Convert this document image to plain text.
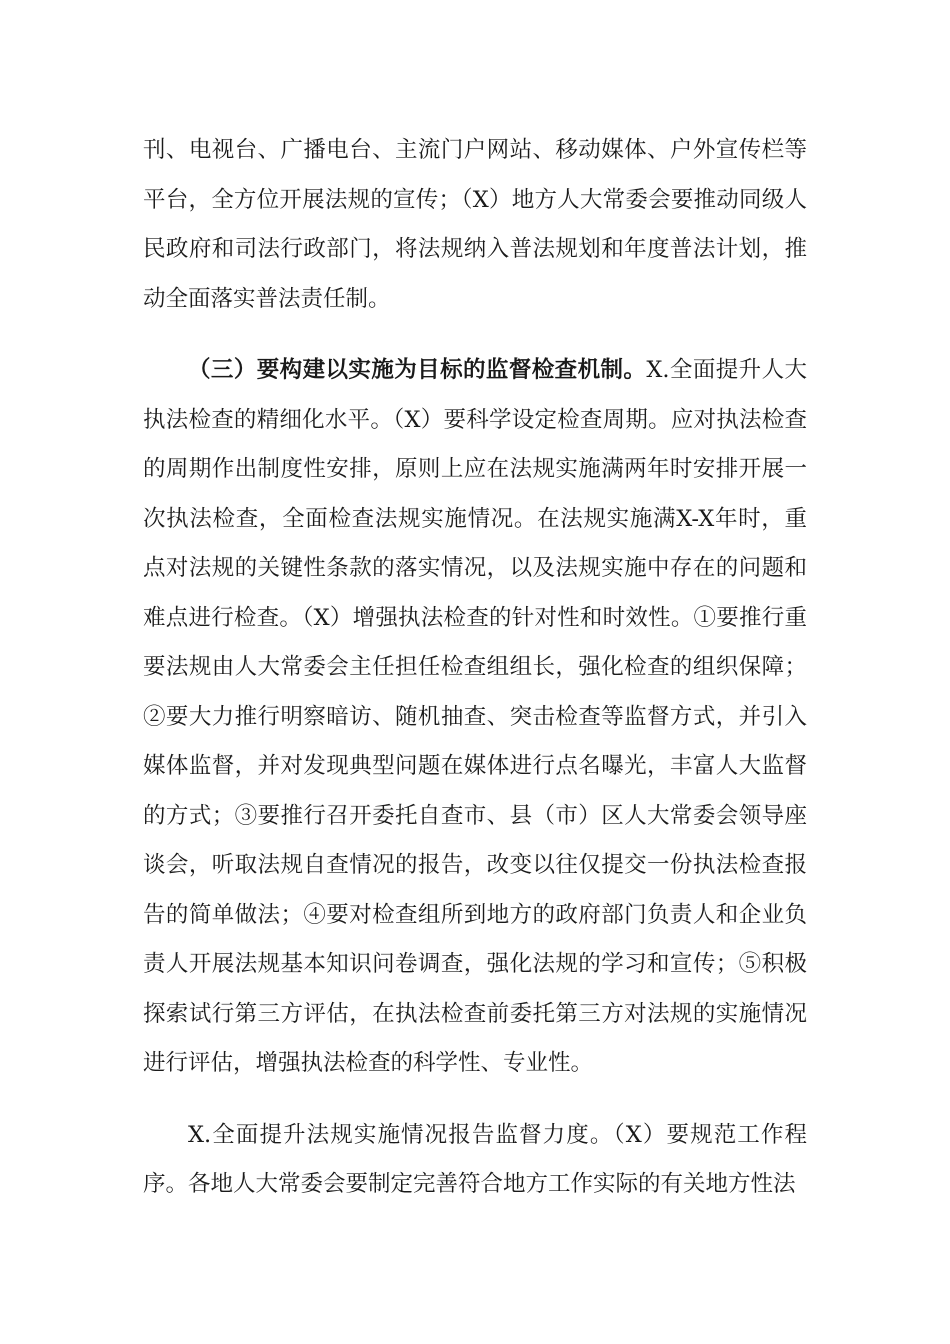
刊、电视台、广播电台、主流门户网站、移动媒体、户外宣传栏等平台，全方位开展法规的宣传；（X）地方人大常委会要推动同级人民政府和司法行政部门，将法规纳入普法规划和年度普法计划，推动全面落实普法责任制。

（三）要构建以实施为目标的监督检查机制。X.全面提升人大执法检查的精细化水平。（X）要科学设定检查周期。应对执法检查的周期作出制度性安排，原则上应在法规实施满两年时安排开展一次执法检查，全面检查法规实施情况。在法规实施满X-X年时，重点对法规的关键性条款的落实情况，以及法规实施中存在的问题和难点进行检查。（X）增强执法检查的针对性和时效性。①要推行重要法规由人大常委会主任担任检查组组长，强化检查的组织保障；②要大力推行明察暗访、随机抽查、突击检查等监督方式，并引入媒体监督，并对发现典型问题在媒体进行点名曝光，丰富人大监督的方式；③要推行召开委托自查市、县（市）区人大常委会领导座谈会，听取法规自查情况的报告，改变以往仅提交一份执法检查报告的简单做法；④要对检查组所到地方的政府部门负责人和企业负责人开展法规基本知识问卷调查，强化法规的学习和宣传；⑤积极探索试行第三方评估，在执法检查前委托第三方对法规的实施情况进行评估，增强执法检查的科学性、专业性。

X.全面提升法规实施情况报告监督力度。（X）要规范工作程序。各地人大常委会要制定完善符合地方工作实际的有关地方性法
